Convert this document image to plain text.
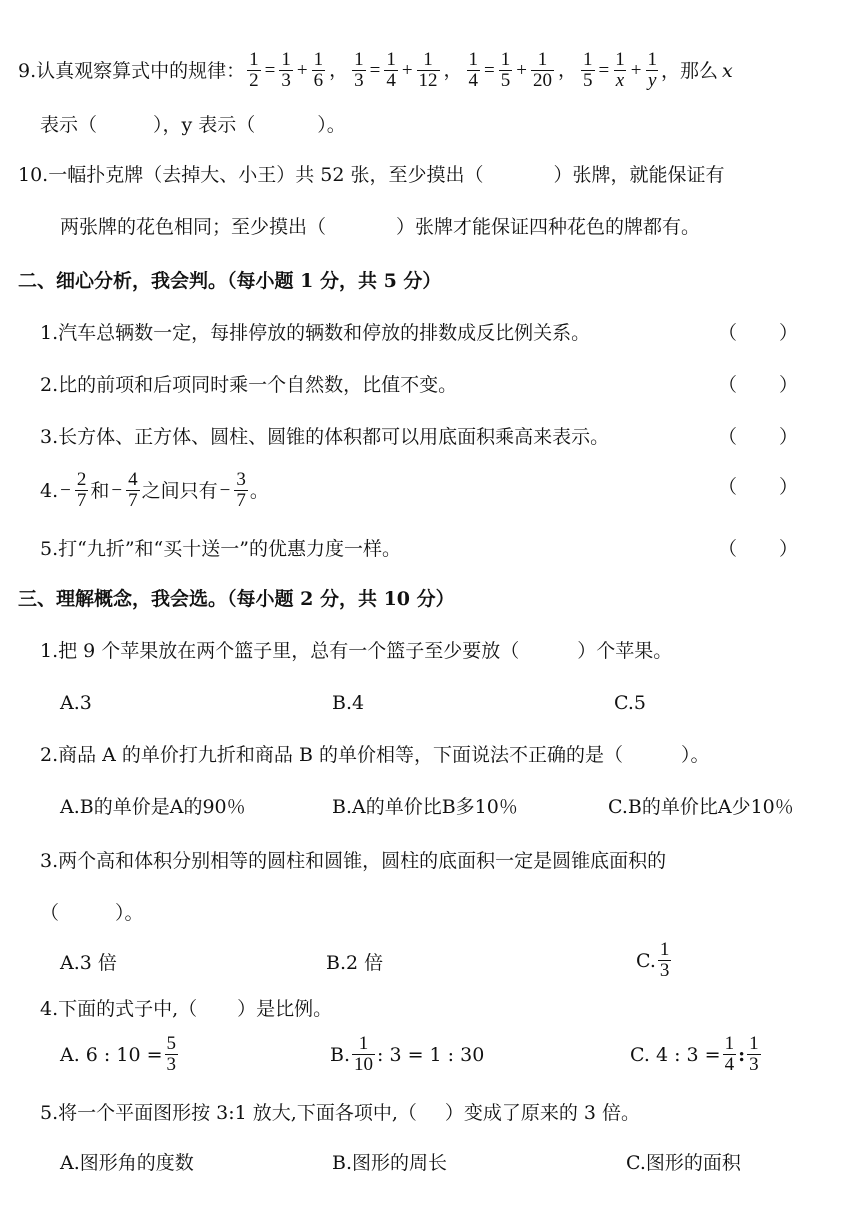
9.认真观察算式中的规律： $\frac{1}{2} = \frac{1}{3} + \frac{1}{6}$ ， $\frac{1}{3} = \frac{1}{4} + \frac{1}{12}$ ， $\frac{1}{4} = \frac{1}{5} + \frac{1}{20}$ ， $\frac{1}{5} = \frac{1}{x} + \frac{1}{y}$ ，那么 x
表示（	），y 表示（	）。
10.一幅扑克牌（去掉大、小王）共 52 张，至少摸出（	）张牌，就能保证有
两张牌的花色相同；至少摸出（	）张牌才能保证四种花色的牌都有。
二、细心分析，我会判。（每小题 1 分，共 5 分）
1.汽车总辆数一定，每排停放的辆数和停放的排数成反比例关系。	（ ）
2.比的前项和后项同时乘一个自然数，比值不变。	（ ）
3.长方体、正方体、圆柱、圆锥的体积都可以用底面积乘高来表示。	（ ）
4. − $\frac{2}{7}$ 和 − $\frac{4}{7}$ 之间只有 − $\frac{3}{7}$ 。	（ ）
5.打“九折”和“买十送一”的优惠力度一样。	（ ）
三、理解概念，我会选。（每小题 2 分，共 10 分）
1.把 9 个苹果放在两个篮子里，总有一个篮子至少要放（	）个苹果。
A.3	B.4	C.5
2.商品 A 的单价打九折和商品 B 的单价相等，下面说法不正确的是（	）。
A.B的单价是A的90％	B.A的单价比B多10％	C.B的单价比A少10％
3.两个高和体积分别相等的圆柱和圆锥，圆柱的底面积一定是圆锥底面积的
（	）。
A.3 倍	B.2 倍	C. $\frac{1}{3}$
4.下面的式子中,（ ）是比例。
A. 6 : $10 = \frac{5}{3}$	B. $\frac{1}{10}$ : 3 = 1 : 30	C. 4 : $3 = \frac{1}{4}$ : $\frac{1}{3}$
5.将一个平面图形按 3:1 放大,下面各项中,（ ）变成了原来的 3 倍。
A.图形角的度数	B.图形的周长	C.图形的面积
